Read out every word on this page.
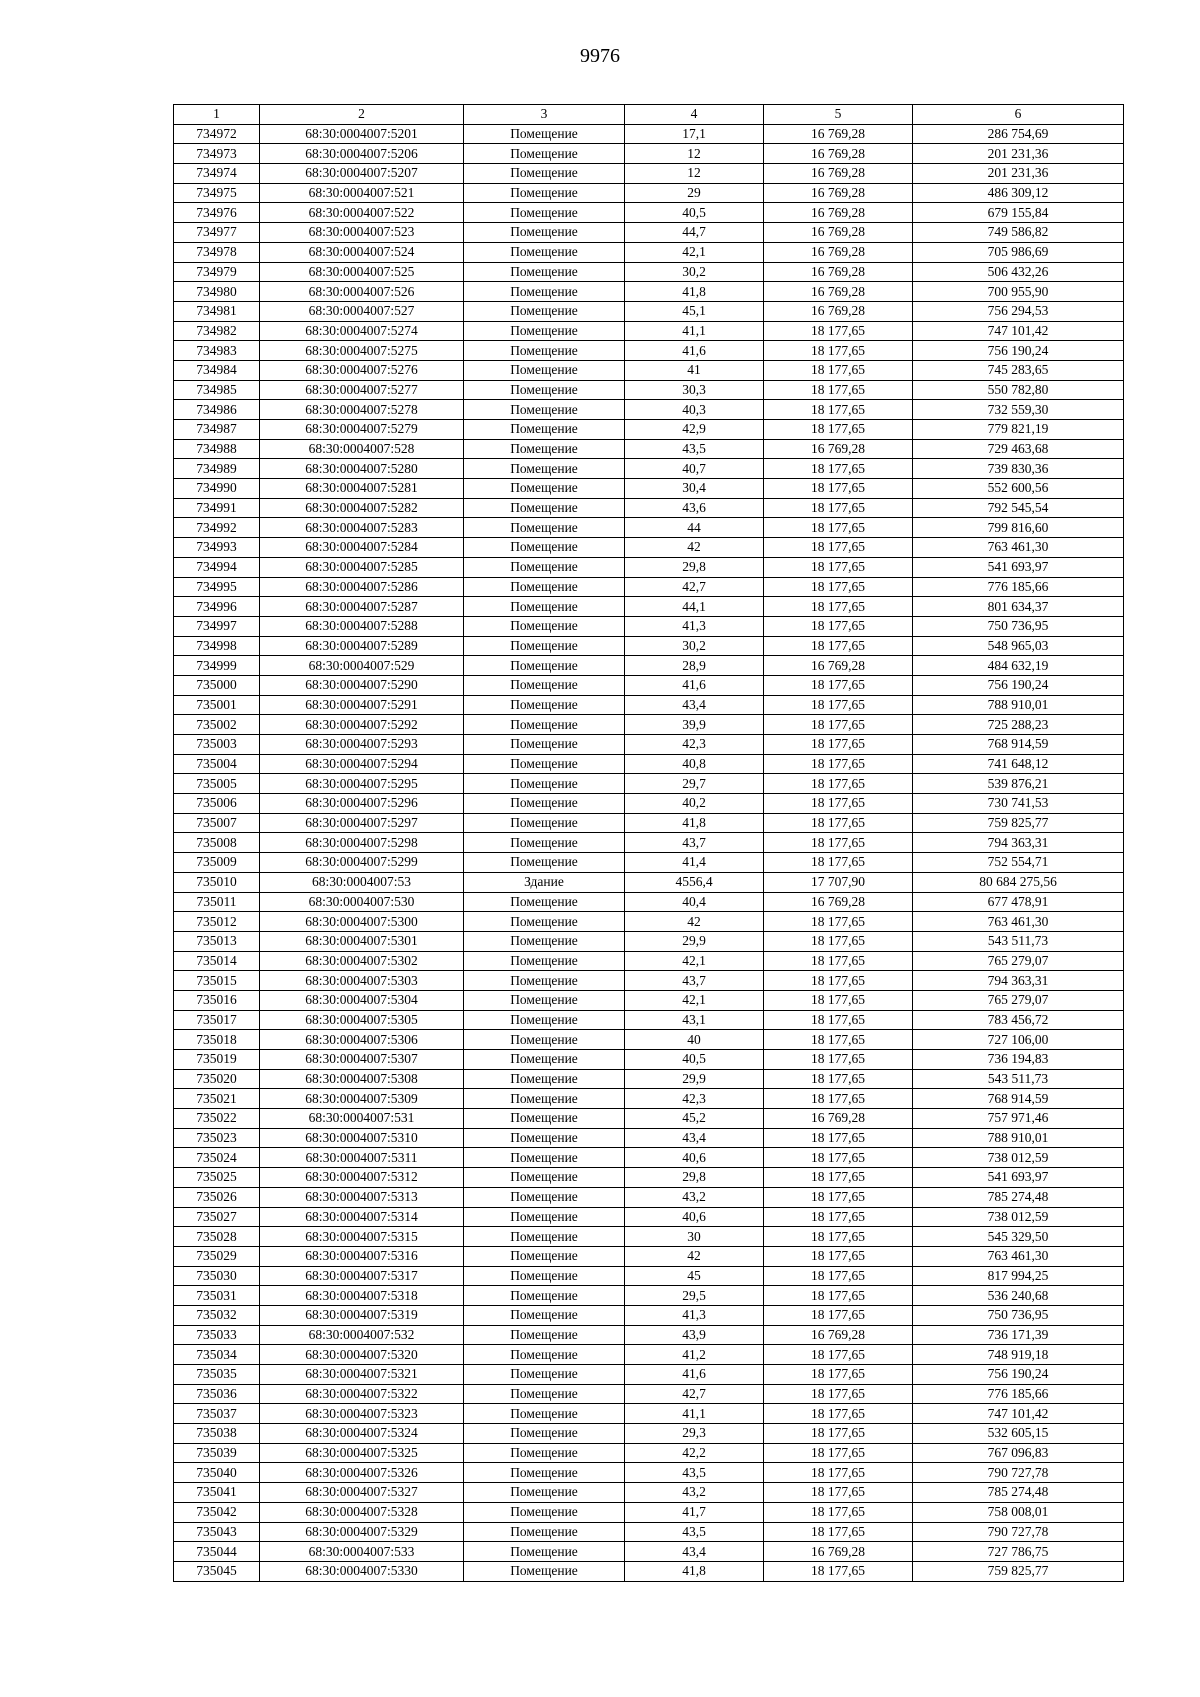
9976
1	2	3	4	5	6
734972	68:30:0004007:5201	Помещение	17,1	16 769,28	286 754,69
734973	68:30:0004007:5206	Помещение	12	16 769,28	201 231,36
734974	68:30:0004007:5207	Помещение	12	16 769,28	201 231,36
734975	68:30:0004007:521	Помещение	29	16 769,28	486 309,12
734976	68:30:0004007:522	Помещение	40,5	16 769,28	679 155,84
734977	68:30:0004007:523	Помещение	44,7	16 769,28	749 586,82
734978	68:30:0004007:524	Помещение	42,1	16 769,28	705 986,69
734979	68:30:0004007:525	Помещение	30,2	16 769,28	506 432,26
734980	68:30:0004007:526	Помещение	41,8	16 769,28	700 955,90
734981	68:30:0004007:527	Помещение	45,1	16 769,28	756 294,53
734982	68:30:0004007:5274	Помещение	41,1	18 177,65	747 101,42
734983	68:30:0004007:5275	Помещение	41,6	18 177,65	756 190,24
734984	68:30:0004007:5276	Помещение	41	18 177,65	745 283,65
734985	68:30:0004007:5277	Помещение	30,3	18 177,65	550 782,80
734986	68:30:0004007:5278	Помещение	40,3	18 177,65	732 559,30
734987	68:30:0004007:5279	Помещение	42,9	18 177,65	779 821,19
734988	68:30:0004007:528	Помещение	43,5	16 769,28	729 463,68
734989	68:30:0004007:5280	Помещение	40,7	18 177,65	739 830,36
734990	68:30:0004007:5281	Помещение	30,4	18 177,65	552 600,56
734991	68:30:0004007:5282	Помещение	43,6	18 177,65	792 545,54
734992	68:30:0004007:5283	Помещение	44	18 177,65	799 816,60
734993	68:30:0004007:5284	Помещение	42	18 177,65	763 461,30
734994	68:30:0004007:5285	Помещение	29,8	18 177,65	541 693,97
734995	68:30:0004007:5286	Помещение	42,7	18 177,65	776 185,66
734996	68:30:0004007:5287	Помещение	44,1	18 177,65	801 634,37
734997	68:30:0004007:5288	Помещение	41,3	18 177,65	750 736,95
734998	68:30:0004007:5289	Помещение	30,2	18 177,65	548 965,03
734999	68:30:0004007:529	Помещение	28,9	16 769,28	484 632,19
735000	68:30:0004007:5290	Помещение	41,6	18 177,65	756 190,24
735001	68:30:0004007:5291	Помещение	43,4	18 177,65	788 910,01
735002	68:30:0004007:5292	Помещение	39,9	18 177,65	725 288,23
735003	68:30:0004007:5293	Помещение	42,3	18 177,65	768 914,59
735004	68:30:0004007:5294	Помещение	40,8	18 177,65	741 648,12
735005	68:30:0004007:5295	Помещение	29,7	18 177,65	539 876,21
735006	68:30:0004007:5296	Помещение	40,2	18 177,65	730 741,53
735007	68:30:0004007:5297	Помещение	41,8	18 177,65	759 825,77
735008	68:30:0004007:5298	Помещение	43,7	18 177,65	794 363,31
735009	68:30:0004007:5299	Помещение	41,4	18 177,65	752 554,71
735010	68:30:0004007:53	Здание	4556,4	17 707,90	80 684 275,56
735011	68:30:0004007:530	Помещение	40,4	16 769,28	677 478,91
735012	68:30:0004007:5300	Помещение	42	18 177,65	763 461,30
735013	68:30:0004007:5301	Помещение	29,9	18 177,65	543 511,73
735014	68:30:0004007:5302	Помещение	42,1	18 177,65	765 279,07
735015	68:30:0004007:5303	Помещение	43,7	18 177,65	794 363,31
735016	68:30:0004007:5304	Помещение	42,1	18 177,65	765 279,07
735017	68:30:0004007:5305	Помещение	43,1	18 177,65	783 456,72
735018	68:30:0004007:5306	Помещение	40	18 177,65	727 106,00
735019	68:30:0004007:5307	Помещение	40,5	18 177,65	736 194,83
735020	68:30:0004007:5308	Помещение	29,9	18 177,65	543 511,73
735021	68:30:0004007:5309	Помещение	42,3	18 177,65	768 914,59
735022	68:30:0004007:531	Помещение	45,2	16 769,28	757 971,46
735023	68:30:0004007:5310	Помещение	43,4	18 177,65	788 910,01
735024	68:30:0004007:5311	Помещение	40,6	18 177,65	738 012,59
735025	68:30:0004007:5312	Помещение	29,8	18 177,65	541 693,97
735026	68:30:0004007:5313	Помещение	43,2	18 177,65	785 274,48
735027	68:30:0004007:5314	Помещение	40,6	18 177,65	738 012,59
735028	68:30:0004007:5315	Помещение	30	18 177,65	545 329,50
735029	68:30:0004007:5316	Помещение	42	18 177,65	763 461,30
735030	68:30:0004007:5317	Помещение	45	18 177,65	817 994,25
735031	68:30:0004007:5318	Помещение	29,5	18 177,65	536 240,68
735032	68:30:0004007:5319	Помещение	41,3	18 177,65	750 736,95
735033	68:30:0004007:532	Помещение	43,9	16 769,28	736 171,39
735034	68:30:0004007:5320	Помещение	41,2	18 177,65	748 919,18
735035	68:30:0004007:5321	Помещение	41,6	18 177,65	756 190,24
735036	68:30:0004007:5322	Помещение	42,7	18 177,65	776 185,66
735037	68:30:0004007:5323	Помещение	41,1	18 177,65	747 101,42
735038	68:30:0004007:5324	Помещение	29,3	18 177,65	532 605,15
735039	68:30:0004007:5325	Помещение	42,2	18 177,65	767 096,83
735040	68:30:0004007:5326	Помещение	43,5	18 177,65	790 727,78
735041	68:30:0004007:5327	Помещение	43,2	18 177,65	785 274,48
735042	68:30:0004007:5328	Помещение	41,7	18 177,65	758 008,01
735043	68:30:0004007:5329	Помещение	43,5	18 177,65	790 727,78
735044	68:30:0004007:533	Помещение	43,4	16 769,28	727 786,75
735045	68:30:0004007:5330	Помещение	41,8	18 177,65	759 825,77
